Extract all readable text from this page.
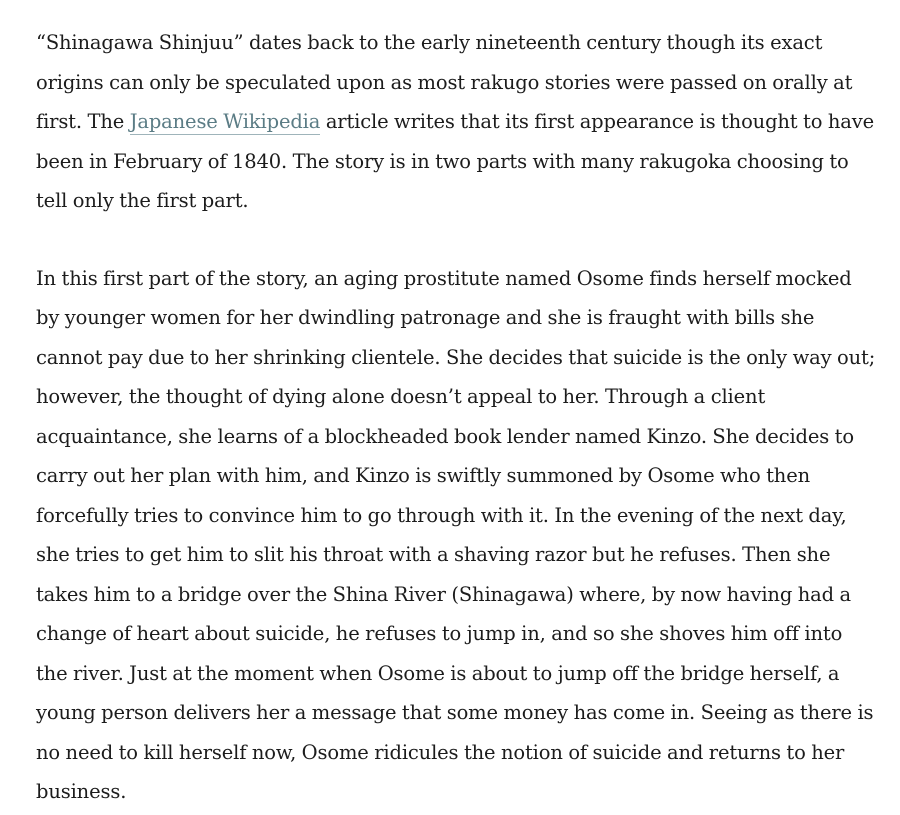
“Shinagawa Shinjuu” dates back to the early nineteenth century though its exact origins can only be speculated upon as most rakugo stories were passed on orally at first. The Japanese Wikipedia article writes that its first appearance is thought to have been in February of 1840. The story is in two parts with many rakugoka choosing to tell only the first part.

In this first part of the story, an aging prostitute named Osome finds herself mocked by younger women for her dwindling patronage and she is fraught with bills she cannot pay due to her shrinking clientele. She decides that suicide is the only way out; however, the thought of dying alone doesn’t appeal to her. Through a client acquaintance, she learns of a blockheaded book lender named Kinzo. She decides to carry out her plan with him, and Kinzo is swiftly summoned by Osome who then forcefully tries to convince him to go through with it. In the evening of the next day, she tries to get him to slit his throat with a shaving razor but he refuses. Then she takes him to a bridge over the Shina River (Shinagawa) where, by now having had a change of heart about suicide, he refuses to jump in, and so she shoves him off into the river. Just at the moment when Osome is about to jump off the bridge herself, a young person delivers her a message that some money has come in. Seeing as there is no need to kill herself now, Osome ridicules the notion of suicide and returns to her business.
